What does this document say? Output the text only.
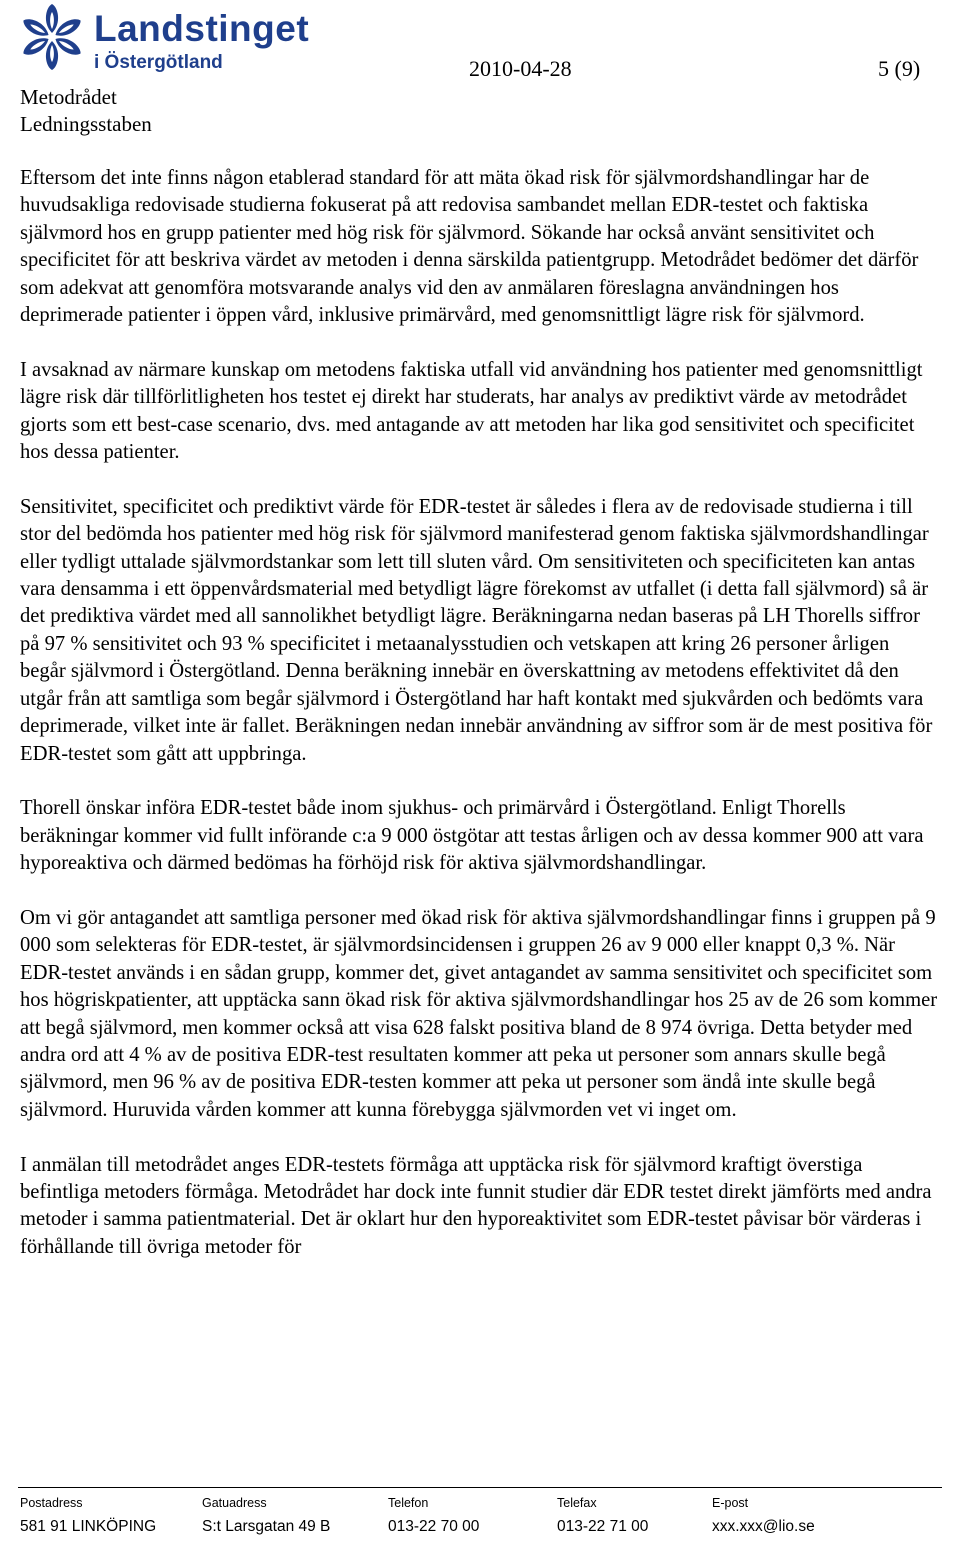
Landstinget
i Östergötland	2010-04-28	5 (9)
Metodrådet
Ledningsstaben

Eftersom det inte finns någon etablerad standard för att mäta ökad risk för självmordshandlingar har de huvudsakliga redovisade studierna fokuserat på att redovisa sambandet mellan EDR-testet och faktiska självmord hos en grupp patienter med hög risk för självmord. Sökande har också använt sensitivitet och specificitet för att beskriva värdet av metoden i denna särskilda patientgrupp. Metodrådet bedömer det därför som adekvat att genomföra motsvarande analys vid den av anmälaren föreslagna användningen hos deprimerade patienter i öppen vård, inklusive primärvård, med genomsnittligt lägre risk för självmord.

I avsaknad av närmare kunskap om metodens faktiska utfall vid användning hos patienter med genomsnittligt lägre risk där tillförlitligheten hos testet ej direkt har studerats, har analys av prediktivt värde av metodrådet gjorts som ett best-case scenario, dvs. med antagande av att metoden har lika god sensitivitet och specificitet hos dessa patienter.

Sensitivitet, specificitet och prediktivt värde för EDR-testet är således i flera av de redovisade studierna i till stor del bedömda hos patienter med hög risk för självmord manifesterad genom faktiska självmordshandlingar eller tydligt uttalade självmordstankar som lett till sluten vård. Om sensitiviteten och specificiteten kan antas vara densamma i ett öppenvårdsmaterial med betydligt lägre förekomst av utfallet (i detta fall självmord) så är det prediktiva värdet med all sannolikhet betydligt lägre. Beräkningarna nedan baseras på LH Thorells siffror på 97 % sensitivitet och 93 % specificitet i metaanalysstudien och vetskapen att kring 26 personer årligen begår självmord i Östergötland. Denna beräkning innebär en överskattning av metodens effektivitet då den utgår från att samtliga som begår självmord i Östergötland har haft kontakt med sjukvården och bedömts vara deprimerade, vilket inte är fallet. Beräkningen nedan innebär användning av siffror som är de mest positiva för EDR-testet som gått att uppbringa.

Thorell önskar införa EDR-testet både inom sjukhus- och primärvård i Östergötland. Enligt Thorells beräkningar kommer vid fullt införande c:a 9 000 östgötar att testas årligen och av dessa kommer 900 att vara hyporeaktiva och därmed bedömas ha förhöjd risk för aktiva självmordshandlingar.

Om vi gör antagandet att samtliga personer med ökad risk för aktiva självmordshandlingar finns i gruppen på 9 000 som selekteras för EDR-testet, är självmordsincidensen i gruppen 26 av 9 000 eller knappt 0,3 %. När EDR-testet används i en sådan grupp, kommer det, givet antagandet av samma sensitivitet och specificitet som hos högriskpatienter, att upptäcka sann ökad risk för aktiva självmordshandlingar hos 25 av de 26 som kommer att begå självmord, men kommer också att visa 628 falskt positiva bland de 8 974 övriga. Detta betyder med andra ord att 4 % av de positiva EDR-test resultaten kommer att peka ut personer som annars skulle begå självmord, men 96 % av de positiva EDR-testen kommer att peka ut personer som ändå inte skulle begå självmord. Huruvida vården kommer att kunna förebygga självmorden vet vi inget om.

I anmälan till metodrådet anges EDR-testets förmåga att upptäcka risk för självmord kraftigt överstiga befintliga metoders förmåga. Metodrådet har dock inte funnit studier där EDR testet direkt jämförts med andra metoder i samma patientmaterial. Det är oklart hur den hyporeaktivitet som EDR-testet påvisar bör värderas i förhållande till övriga metoder för

Postadress
581 91 LINKÖPING
Gatuadress
S:t Larsgatan 49 B
Telefon
013-22 70 00
Telefax
013-22 71 00
E-post
xxx.xxx@lio.se
